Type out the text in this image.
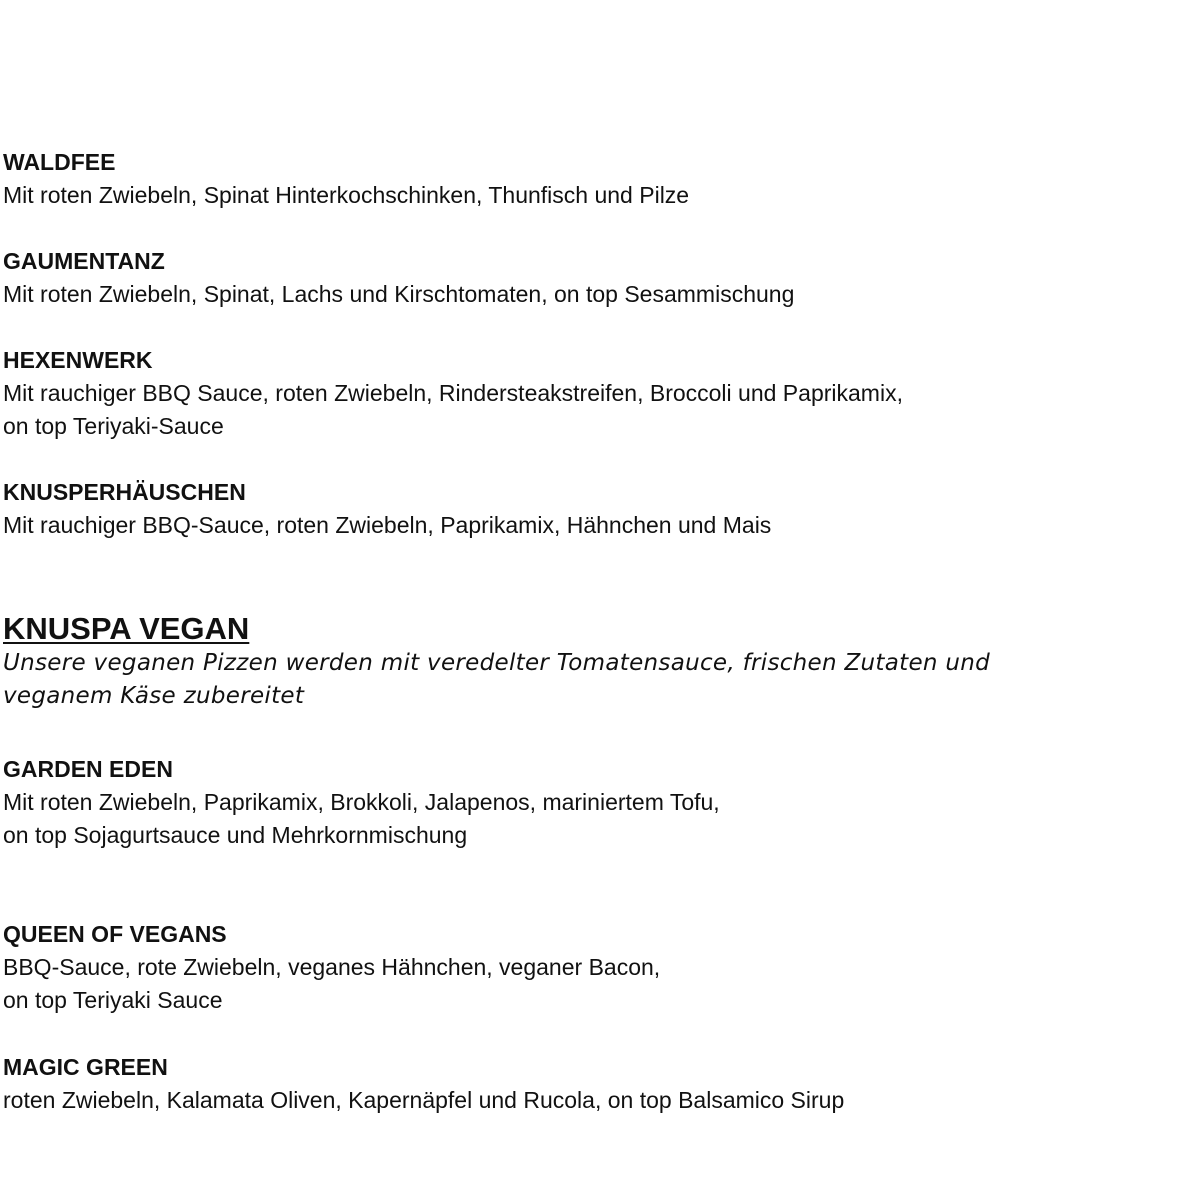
WALDFEE

Mit roten Zwiebeln, Spinat Hinterkochschinken, Thunfisch und Pilze

GAUMENTANZ

Mit roten Zwiebeln, Spinat, Lachs und Kirschtomaten, on top Sesammischung

HEXENWERK

Mit rauchiger BBQ Sauce, roten Zwiebeln, Rindersteakstreifen, Broccoli und Paprikamix,

on top Teriyaki-Sauce

KNUSPERHÄUSCHEN

Mit rauchiger BBQ-Sauce, roten Zwiebeln, Paprikamix, Hähnchen und Mais

KNUSPA VEGAN

Unsere veganen Pizzen werden mit veredelter Tomatensauce, frischen Zutaten und

veganem Käse zubereitet

GARDEN EDEN

Mit roten Zwiebeln, Paprikamix, Brokkoli, Jalapenos, mariniertem Tofu,

on top Sojagurtsauce und Mehrkornmischung

QUEEN OF VEGANS

BBQ-Sauce, rote Zwiebeln, veganes Hähnchen, veganer Bacon,

on top Teriyaki Sauce

MAGIC GREEN

roten Zwiebeln, Kalamata Oliven, Kapernäpfel und Rucola, on top Balsamico Sirup
